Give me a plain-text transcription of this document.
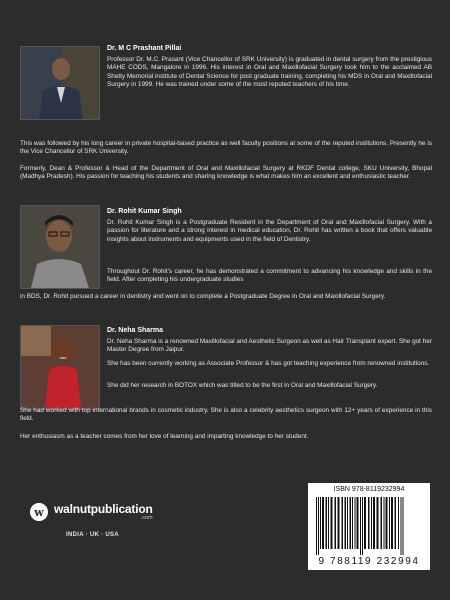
Dr. M C Prashant Pillai

Professor Dr. M.C. Prasant (Vice Chancellor of SRK University) is graduated in dental surgery from the prestigious MAHE CODS, Mangalore in 1996. His interest in Oral and Maxillofacial Surgery took him to the acclaimed AB Shetty Memorial institute of Dental Science for post graduate training, completing his MDS in Oral and Maxillofacial Surgery in 1999. He was trained under some of the most reputed teachers of his time.

This was followed by his long career in private hospital-based practice as well faculty positions at some of the reputed institutions. Presently he is the Vice Chancellor of SRK University.

Formerly, Dean & Professor & Head of the Department of Oral and Maxillofacial Surgery at RKDF Dental college, SKU University, Bhopal (Madhya Pradesh). His passion for teaching his students and sharing knowledge is what makes him an excellent and enthusiastic teacher.

Dr. Rohit Kumar Singh

Dr. Rohit Kumar Singh is a Postgraduate Resident in the Department of Oral and Maxillofacial Surgery. With a passion for literature and a strong interest in medical education, Dr. Rohit has written a book that offers valuable insights about instruments and equipments used in the field of Dentistry.

Throughout Dr. Rohit's career, he has demonstrated a commitment to advancing his knowledge and skills in the field. After completing his undergraduate studies

in BDS, Dr. Rohit pursued a career in dentistry and went on to complete a Postgraduate Degree in Oral and Maxillofacial Surgery.

Dr. Neha Sharma

Dr. Neha Sharma is a renowned Maxillofacial and Aesthetic Surgeon as well as Hair Transplant expert. She got her Master Degree from Jaipur.

She has been currently working as Associate Professor & has got teaching experience from renowned institutions.

She did her research in BOTOX which was titled to be the first in Oral and Maxillofacial Surgery.

She had worked with top international brands in cosmetic industry. She is also a celebrity aesthetics surgeon with 12+ years of experience in this field.

Her enthusiasm as a teacher comes from her love of learning and imparting knowledge to her student.

w walnutpublication
.com
INDIA · UK · USA
ISBN 978-8119232994
9 788119 232994
